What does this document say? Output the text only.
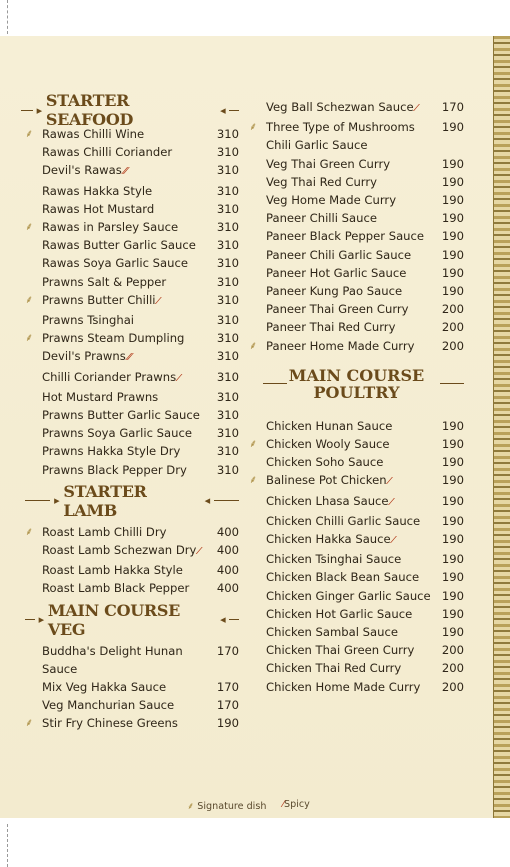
▸ STARTER SEAFOOD	◂
⸙ Rawas Chilli Wine	310
Rawas Chilli Coriander	310
Devil's Rawas ⁄⁄	310
Rawas Hakka Style	310
Rawas Hot Mustard	310
⸙ Rawas in Parsley Sauce	310
Rawas Butter Garlic Sauce	310
Rawas Soya Garlic Sauce	310
Prawns Salt & Pepper	310
⸙ Prawns Butter Chilli ⁄	310
Prawns Tsinghai	310
⸙ Prawns Steam Dumpling	310
Devil's Prawns ⁄⁄	310
Chilli Coriander Prawns ⁄	310
Hot Mustard Prawns	310
Prawns Butter Garlic Sauce	310
Prawns Soya Garlic Sauce	310
Prawns Hakka Style Dry	310
Prawns Black Pepper Dry	310
▸ STARTER LAMB	◂
⸙ Roast Lamb Chilli Dry	400
Roast Lamb Schezwan Dry ⁄	400
Roast Lamb Hakka Style	400
Roast Lamb Black Pepper	400
▸ MAIN COURSE VEG	◂
Buddha's Delight Hunan Sauce
170
Mix Veg Hakka Sauce	170
Veg Manchurian Sauce	170
⸙ Stir Fry Chinese Greens	190
Veg Ball Schezwan Sauce ⁄	170
⸙ Three Type of Mushrooms Chili Garlic Sauce
190
Veg Thai Green Curry	190
Veg Thai Red Curry	190
Veg Home Made Curry	190
Paneer Chilli Sauce	190
Paneer Black Pepper Sauce	190
Paneer Chili Garlic Sauce	190
Paneer Hot Garlic Sauce	190
Paneer Kung Pao Sauce	190
Paneer Thai Green Curry	200
Paneer Thai Red Curry	200
⸙ Paneer Home Made Curry	200
MAIN COURSE
POULTRY
Chicken Hunan Sauce	190
⸙ Chicken Wooly Sauce	190
Chicken Soho Sauce	190
⸙ Balinese Pot Chicken ⁄	190
Chicken Lhasa Sauce ⁄	190
Chicken Chilli Garlic Sauce	190
Chicken Hakka Sauce ⁄	190
Chicken Tsinghai Sauce	190
Chicken Black Bean Sauce	190
Chicken Ginger Garlic Sauce 190
Chicken Hot Garlic Sauce	190
Chicken Sambal Sauce	190
Chicken Thai Green Curry	200
Chicken Thai Red Curry	200
Chicken Home Made Curry	200
⸙ Signature dish ⁄Spicy
